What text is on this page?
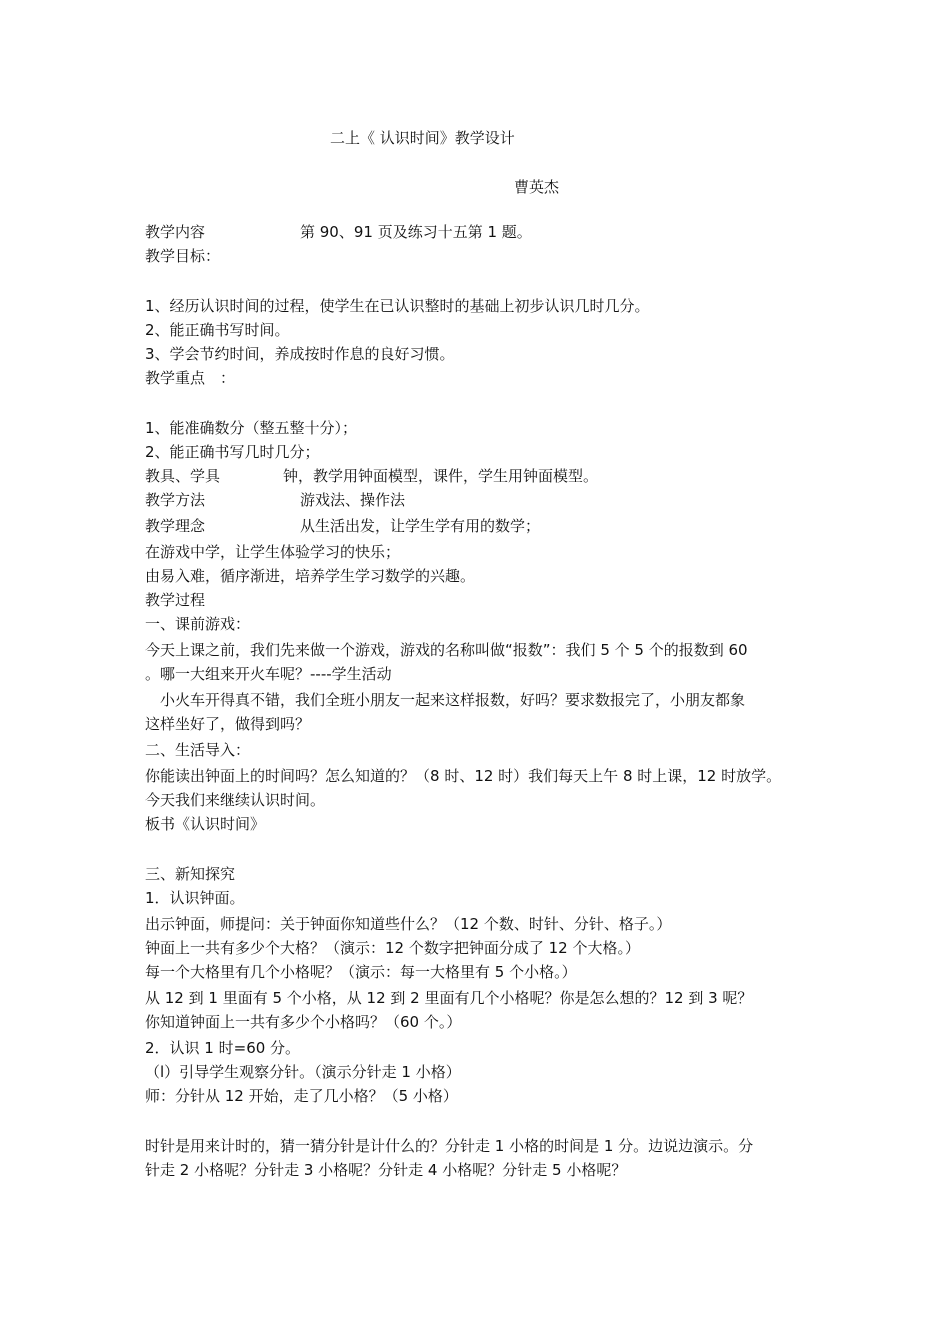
二上《 认识时间》教学设计
曹英杰
教学内容	第 90、91 页及练习十五第 1 题。
教学目标：
1、经历认识时间的过程，使学生在已认识整时的基础上初步认识几时几分。
2、能正确书写时间。
3、学会节约时间，养成按时作息的良好习惯。
教学重点　：
1、能准确数分（整五整十分）；
2、能正确书写几时几分；
教具、学具	钟，教学用钟面模型，课件，学生用钟面模型。
教学方法	游戏法、操作法
教学理念	从生活出发，让学生学有用的数学；
在游戏中学，让学生体验学习的快乐；
由易入难，循序渐进，培养学生学习数学的兴趣。
教学过程
一、课前游戏：
今天上课之前，我们先来做一个游戏，游戏的名称叫做“报数”：我们 5 个 5 个的报数到 60
。哪一大组来开火车呢？----学生活动
　小火车开得真不错，我们全班小朋友一起来这样报数，好吗？要求数报完了，小朋友都象
这样坐好了，做得到吗？
二、生活导入：
你能读出钟面上的时间吗？怎么知道的？（8 时、12 时）我们每天上午 8 时上课，12 时放学。
今天我们来继续认识时间。
板书《认识时间》
三、新知探究
1．认识钟面。
出示钟面，师提问：关于钟面你知道些什么？（12 个数、时针、分针、格子。）
钟面上一共有多少个大格？（演示：12 个数字把钟面分成了 12 个大格。）
每一个大格里有几个小格呢？（演示：每一大格里有 5 个小格。）
从 12 到 1 里面有 5 个小格，从 12 到 2 里面有几个小格呢？你是怎么想的？12 到 3 呢？
你知道钟面上一共有多少个小格吗？（60 个。）
2．认识 1 时=60 分。
（l）引导学生观察分针。（演示分针走 1 小格）
师：分针从 12 开始，走了几小格？（5 小格）
时针是用来计时的，猜一猜分针是计什么的？分针走 1 小格的时间是 1 分。边说边演示。分
针走 2 小格呢？分针走 3 小格呢？分针走 4 小格呢？分针走 5 小格呢？
